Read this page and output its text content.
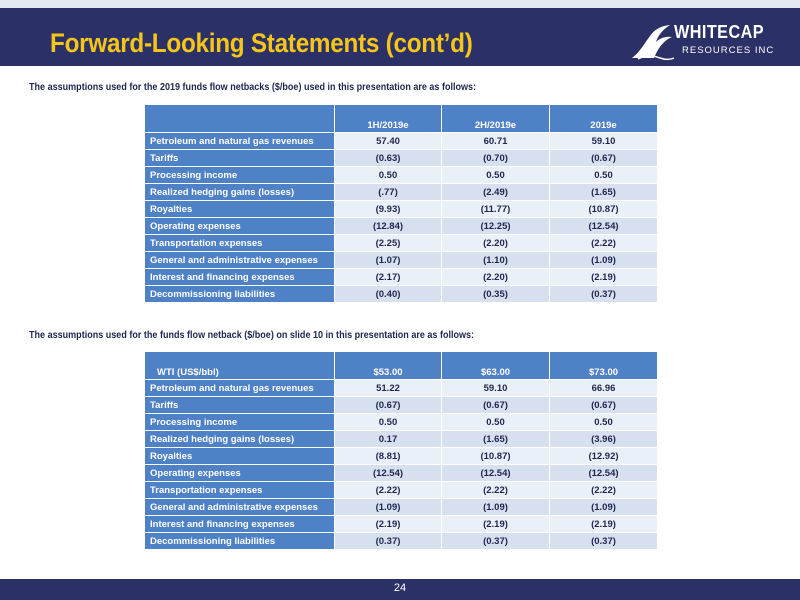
Forward-Looking Statements (cont’d)	WHITECAP
RESOURCES INC
The assumptions used for the 2019 funds flow netbacks ($/boe) used in this presentation are as follows:
	1H/2019e	2H/2019e	2019e
Petroleum and natural gas revenues	57.40	60.71	59.10
Tariffs	(0.63)	(0.70)	(0.67)
Processing income	0.50	0.50	0.50
Realized hedging gains (losses)	(.77)	(2.49)	(1.65)
Royalties	(9.93)	(11.77)	(10.87)
Operating expenses	(12.84)	(12.25)	(12.54)
Transportation expenses	(2.25)	(2.20)	(2.22)
General and administrative expenses	(1.07)	(1.10)	(1.09)
Interest and financing expenses	(2.17)	(2.20)	(2.19)
Decommissioning liabilities	(0.40)	(0.35)	(0.37)
The assumptions used for the funds flow netback ($/boe) on slide 10 in this presentation are as follows:
WTI (US$/bbl)	$53.00	$63.00	$73.00
Petroleum and natural gas revenues	51.22	59.10	66.96
Tariffs	(0.67)	(0.67)	(0.67)
Processing income	0.50	0.50	0.50
Realized hedging gains (losses)	0.17	(1.65)	(3.96)
Royalties	(8.81)	(10.87)	(12.92)
Operating expenses	(12.54)	(12.54)	(12.54)
Transportation expenses	(2.22)	(2.22)	(2.22)
General and administrative expenses	(1.09)	(1.09)	(1.09)
Interest and financing expenses	(2.19)	(2.19)	(2.19)
Decommissioning liabilities	(0.37)	(0.37)	(0.37)
24
